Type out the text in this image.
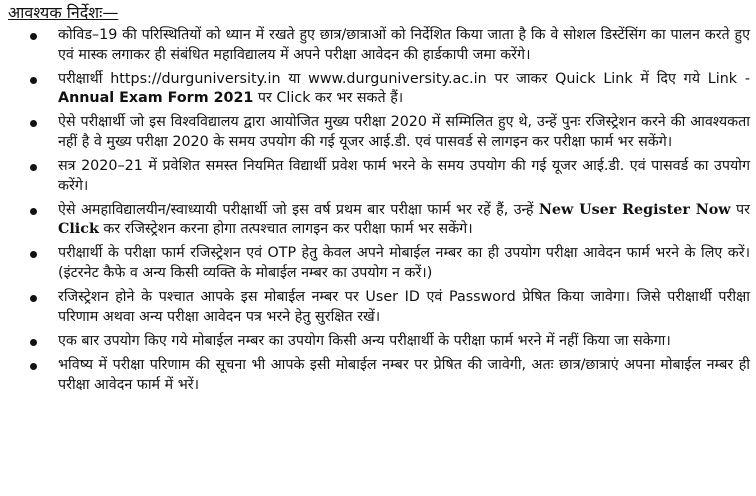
आवश्यक निर्देशः—

कोविड–19 की परिस्थितियों को ध्यान में रखते हुए छात्र/छात्राओं को निर्देशित किया जाता है कि वे सोशल डिस्टेंसिंग का पालन करते हुए एवं मास्क लगाकर ही संबंधित महाविद्यालय में अपने परीक्षा आवेदन की हार्डकापी जमा करेंगे।

परीक्षार्थी https://durguniversity.in या www.durguniversity.ac.in पर जाकर Quick Link में दिए गये Link - Annual Exam Form 2021 पर Click कर भर सकते हैं।

ऐसे परीक्षार्थी जो इस विश्वविद्यालय द्वारा आयोजित मुख्य परीक्षा 2020 में सम्मिलित हुए थे, उन्हें पुनः रजिस्ट्रेशन करने की आवश्यकता नहीं है वे मुख्य परीक्षा 2020 के समय उपयोग की गई यूजर आई.डी. एवं पासवर्ड से लागइन कर परीक्षा फार्म भर सकेंगे।

सत्र 2020–21 में प्रवेशित समस्त नियमित विद्यार्थी प्रवेश फार्म भरने के समय उपयोग की गई यूजर आई.डी. एवं पासवर्ड का उपयोग करेंगे।

ऐसे अमहाविद्यालयीन/स्वाध्यायी परीक्षार्थी जो इस वर्ष प्रथम बार परीक्षा फार्म भर रहें हैं, उन्हें New User Register Now पर Click कर रजिस्ट्रेशन करना होगा तत्पश्चात लागइन कर परीक्षा फार्म भर सकेंगे।

परीक्षार्थी के परीक्षा फार्म रजिस्ट्रेशन एवं OTP हेतु केवल अपने मोबाईल नम्बर का ही उपयोग परीक्षा आवेदन फार्म भरने के लिए करें। (इंटरनेट कैफे व अन्य किसी व्यक्ति के मोबाईल नम्बर का उपयोग न करें।)

रजिस्ट्रेशन होने के पश्चात आपके इस मोबाईल नम्बर पर User ID एवं Password प्रेषित किया जावेगा। जिसे परीक्षार्थी परीक्षा परिणाम अथवा अन्य परीक्षा आवेदन पत्र भरने हेतु सुरक्षित रखें।

एक बार उपयोग किए गये मोबाईल नम्बर का उपयोग किसी अन्य परीक्षार्थी के परीक्षा फार्म भरने में नहीं किया जा सकेगा।

भविष्य में परीक्षा परिणाम की सूचना भी आपके इसी मोबाईल नम्बर पर प्रेषित की जावेगी, अतः छात्र/छात्राएं अपना मोबाईल नम्बर ही परीक्षा आवेदन फार्म में भरें।
